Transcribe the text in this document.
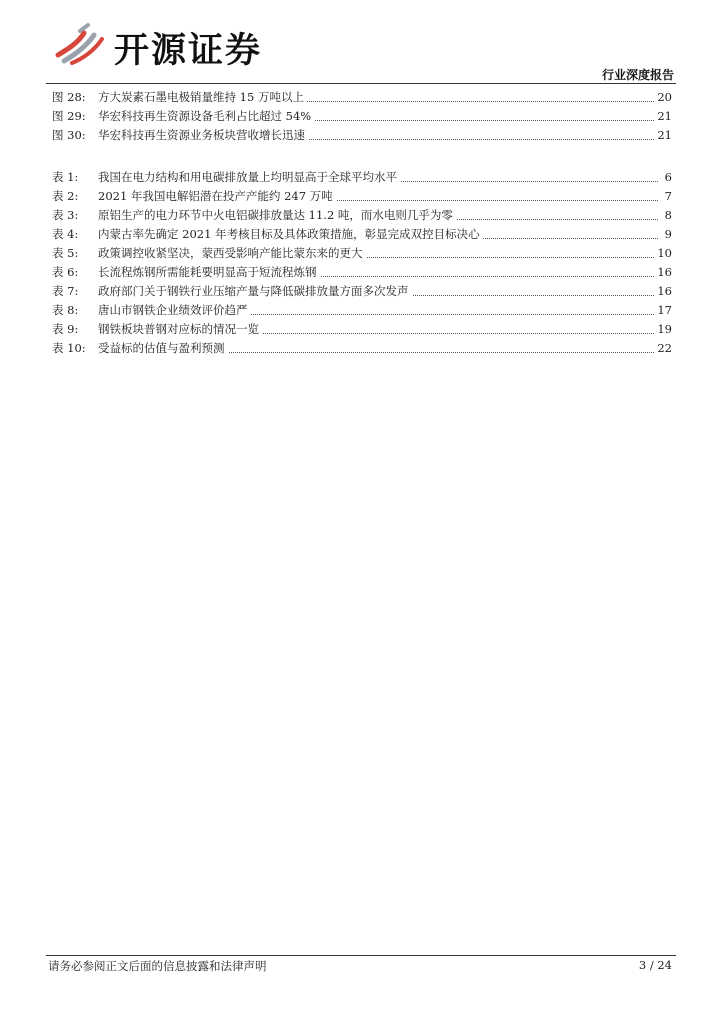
开源证券
行业深度报告
图 28: 方大炭素石墨电极销量维持 15 万吨以上	20
图 29: 华宏科技再生资源设备毛利占比超过 54%	21
图 30: 华宏科技再生资源业务板块营收增长迅速	21
表 1: 我国在电力结构和用电碳排放量上均明显高于全球平均水平	6
表 2: 2021 年我国电解铝潜在投产产能约 247 万吨	7
表 3: 原铝生产的电力环节中火电铝碳排放量达 11.2 吨，而水电则几乎为零	8
表 4: 内蒙古率先确定 2021 年考核目标及具体政策措施，彰显完成双控目标决心	9
表 5: 政策调控收紧坚决，蒙西受影响产能比蒙东来的更大	10
表 6: 长流程炼钢所需能耗要明显高于短流程炼钢	16
表 7: 政府部门关于钢铁行业压缩产量与降低碳排放量方面多次发声	16
表 8: 唐山市钢铁企业绩效评价趋严	17
表 9: 钢铁板块普钢对应标的情况一览	19
表 10: 受益标的估值与盈利预测	22
请务必参阅正文后面的信息披露和法律声明	3 / 24
